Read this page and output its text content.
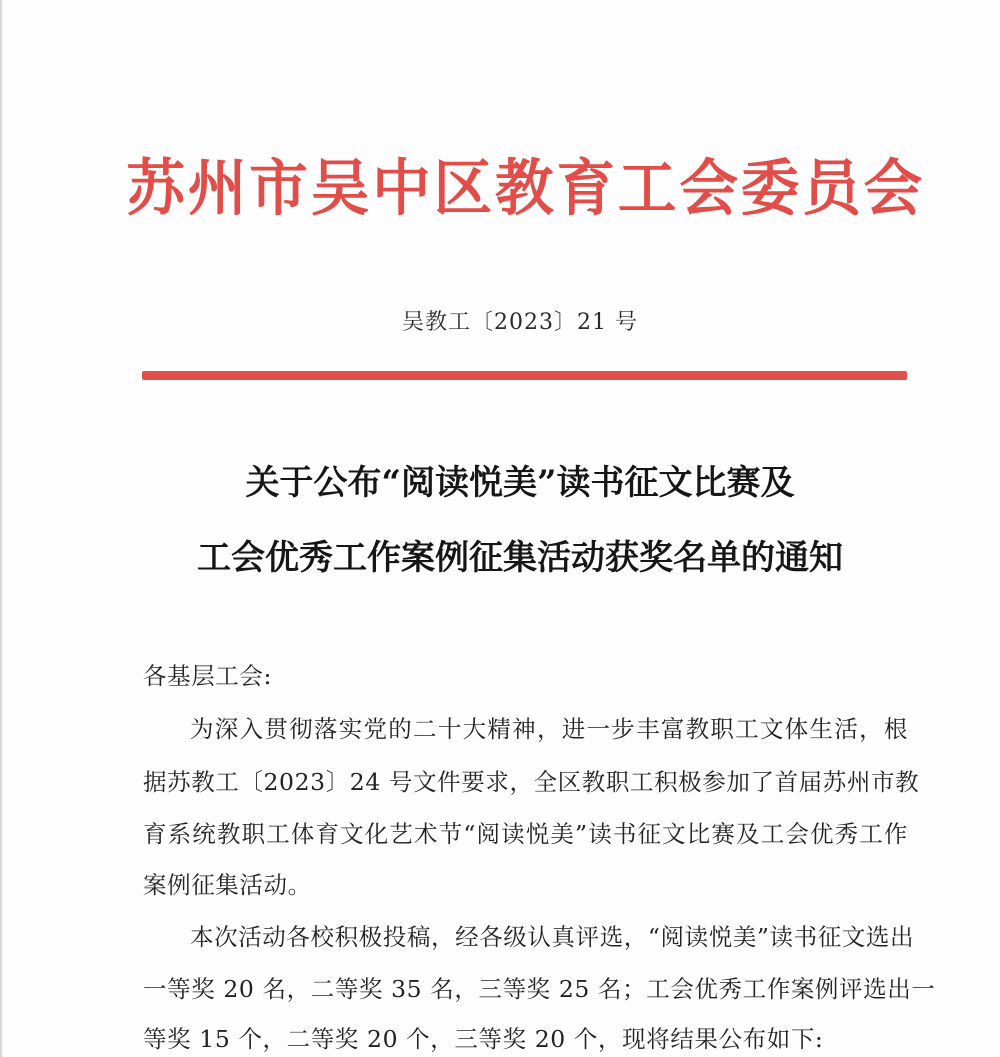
苏州市吴中区教育工会委员会
吴教工〔2023〕21 号
关于公布“阅读悦美”读书征文比赛及
工会优秀工作案例征集活动获奖名单的通知
各基层工会:
为深入贯彻落实党的二十大精神，进一步丰富教职工文体生活，根
据苏教工〔2023〕24 号文件要求，全区教职工积极参加了首届苏州市教
育系统教职工体育文化艺术节“阅读悦美”读书征文比赛及工会优秀工作
案例征集活动。
本次活动各校积极投稿，经各级认真评选，“阅读悦美”读书征文选出
一等奖 20 名，二等奖 35 名，三等奖 25 名；工会优秀工作案例评选出一
等奖 15 个，二等奖 20 个，三等奖 20 个，现将结果公布如下:
